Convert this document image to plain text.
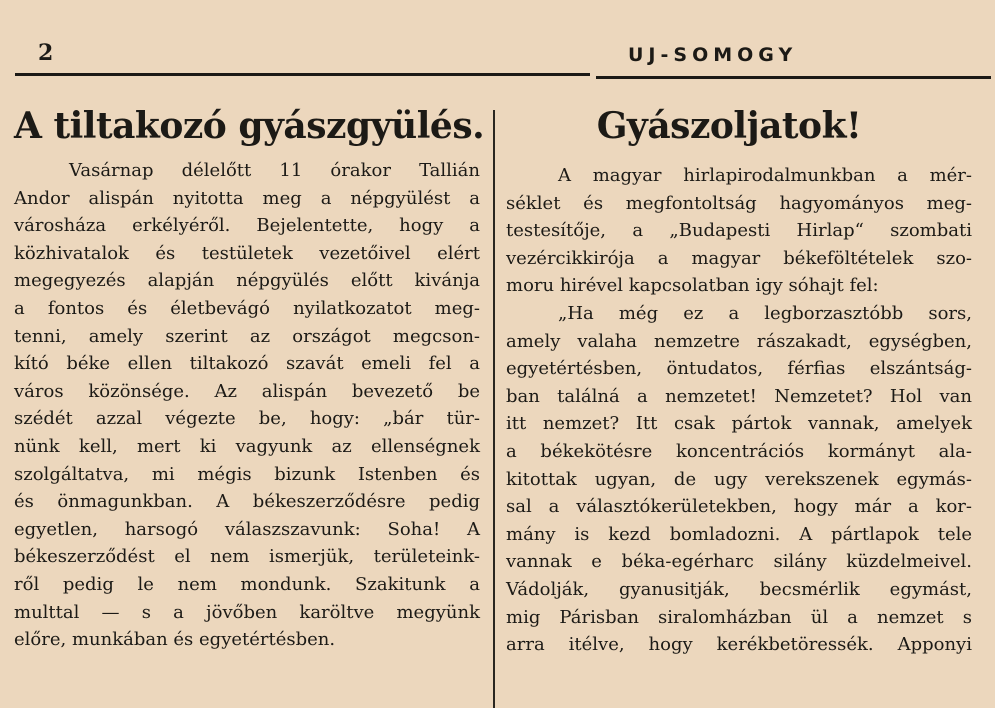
2	UJ-SOMOGY
A tiltakozó gyászgyülés.
Vasárnap délelőtt 11 órakor Tallián
Andor alispán nyitotta meg a népgyülést a
városháza erkélyéről. Bejelentette, hogy a
közhivatalok és testületek vezetőivel elért
megegyezés alapján népgyülés előtt kivánja
a fontos és életbevágó nyilatkozatot meg-
tenni, amely szerint az országot megcson-
kító béke ellen tiltakozó szavát emeli fel a
város közönsége. Az alispán bevezető be
szédét azzal végezte be, hogy: „bár tür-
nünk kell, mert ki vagyunk az ellenségnek
szolgáltatva, mi mégis bizunk Istenben és
és önmagunkban. A békeszerződésre pedig
egyetlen, harsogó válaszszavunk: Soha! A
békeszerződést el nem ismerjük, területeink-
ről pedig le nem mondunk. Szakitunk a
multtal — s a jövőben karöltve megyünk
előre, munkában és egyetértésben.
Gyászoljatok!
A magyar hirlapirodalmunkban a mér-
séklet és megfontoltság hagyományos meg-
testesítője, a „Budapesti Hirlap“ szombati
vezércikkirója a magyar békeföltételek szo-
moru hirével kapcsolatban igy sóhajt fel:
„Ha még ez a legborzasztóbb sors,
amely valaha nemzetre rászakadt, egységben,
egyetértésben, öntudatos, férfias elszántság-
ban találná a nemzetet! Nemzetet? Hol van
itt nemzet? Itt csak pártok vannak, amelyek
a békekötésre koncentrációs kormányt ala-
kitottak ugyan, de ugy verekszenek egymás-
sal a választókerületekben, hogy már a kor-
mány is kezd bomladozni. A pártlapok tele
vannak e béka-egérharc silány küzdelmeivel.
Vádolják, gyanusitják, becsmérlik egymást,
mig Párisban siralomházban ül a nemzet s
arra itélve, hogy kerékbetöressék. Apponyi
